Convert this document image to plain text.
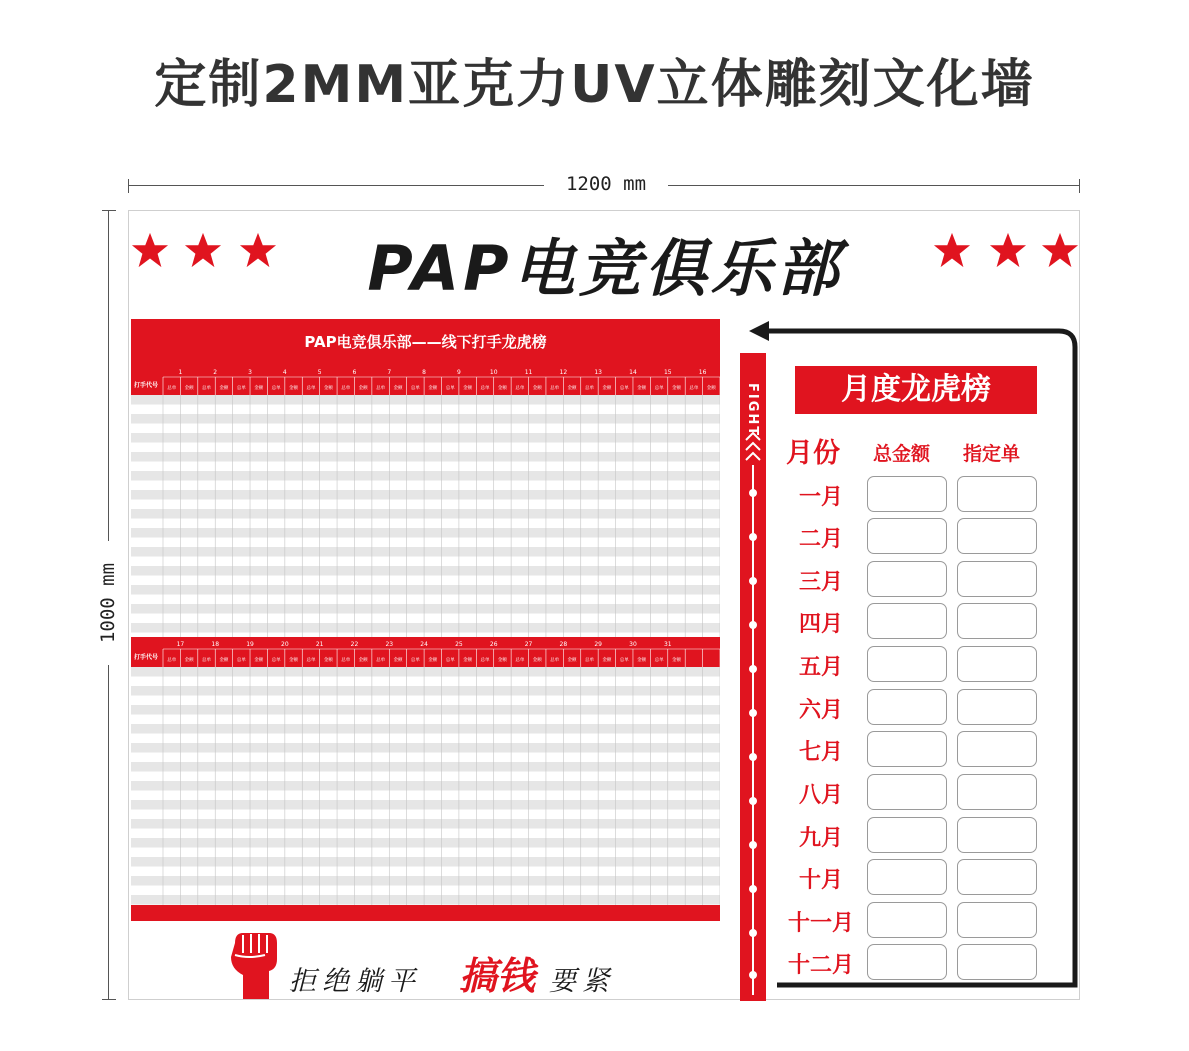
定制2MM亚克力UV立体雕刻文化墙
1200 mm
1000 mm
PAP电竞俱乐部
PAP电竞俱乐部——线下打手龙虎榜
打手代号
1
总单 金额
2
总单 金额
3
总单 金额
4
总单 金额
5
总单 金额
6
总单 金额
7
总单 金额
8
总单 金额
9
总单 金额
10
总单 金额
11
总单 金额
12
总单 金额
13
总单 金额
14
总单 金额
15
总单 金额
16
总单 金额
打手代号
17
总单 金额
18
总单 金额
19
总单 金额
20
总单 金额
21
总单 金额
22
总单 金额
23
总单 金额
24
总单 金额
25
总单 金额
26
总单 金额
27
总单 金额
28
总单 金额
29
总单 金额
30
总单 金额
31
总单 金额
拒绝躺平 搞钱 要紧
FIGHT	月度龙虎榜
月份 总金额 指定单
一月
二月
三月
四月
五月
六月
七月
八月
九月
十月
十一月
十二月
